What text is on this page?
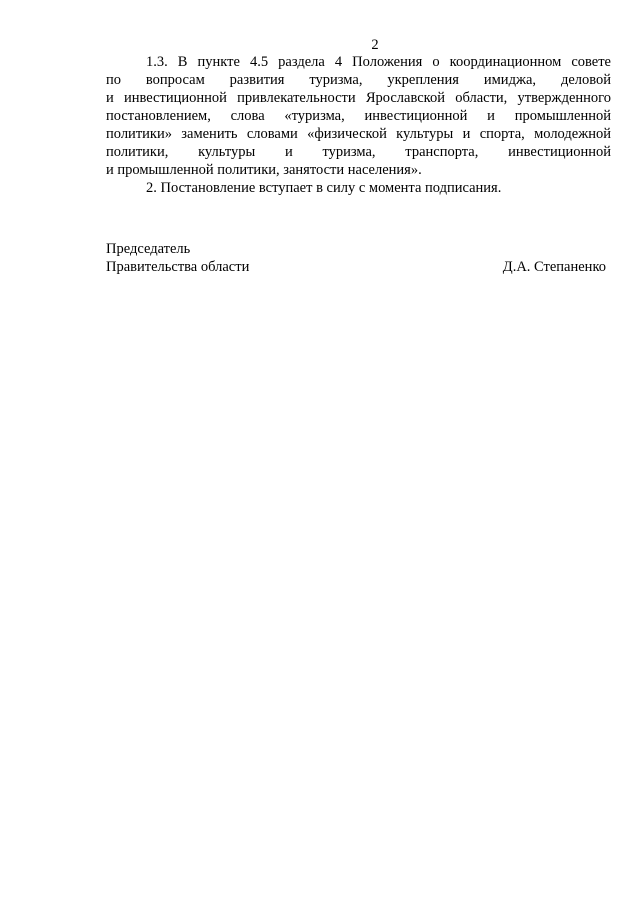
2

1.3. В пункте 4.5 раздела 4 Положения о координационном совете
по вопросам развития туризма, укрепления имиджа, деловой
и инвестиционной привлекательности Ярославской области, утвержденного
постановлением, слова «туризма, инвестиционной и промышленной
политики» заменить словами «физической культуры и спорта, молодежной
политики, культуры и туризма, транспорта, инвестиционной
и промышленной политики, занятости населения».

2. Постановление вступает в силу с момента подписания.

Председатель
Правительства области	Д.А. Степаненко
